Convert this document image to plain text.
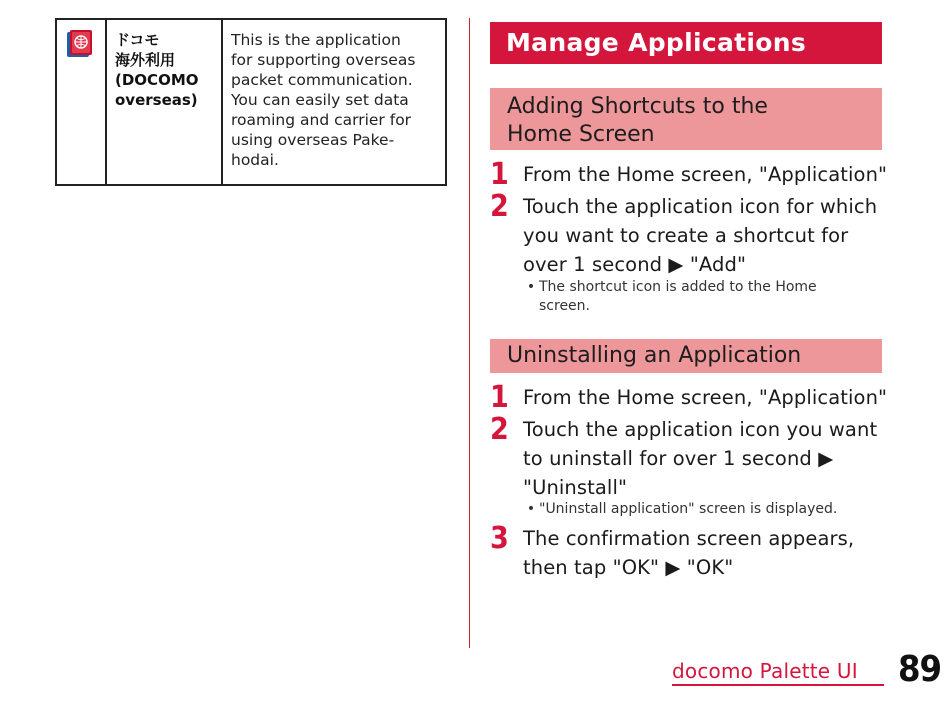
ドコモ
海外利用
(DOCOMO
overseas)
This is the application
for supporting overseas
packet communication.
You can easily set data
roaming and carrier for
using overseas Pake-
hodai.
Manage Applications
Adding Shortcuts to the
Home Screen
1 From the Home screen, "Application"
2 Touch the application icon for which
you want to create a shortcut for
over 1 second ▶ "Add"
• The shortcut icon is added to the Home
screen.
Uninstalling an Application
1 From the Home screen, "Application"
2 Touch the application icon you want
to uninstall for over 1 second ▶
"Uninstall"
• "Uninstall application" screen is displayed.
3 The confirmation screen appears,
then tap "OK" ▶ "OK"
docomo Palette UI 89
